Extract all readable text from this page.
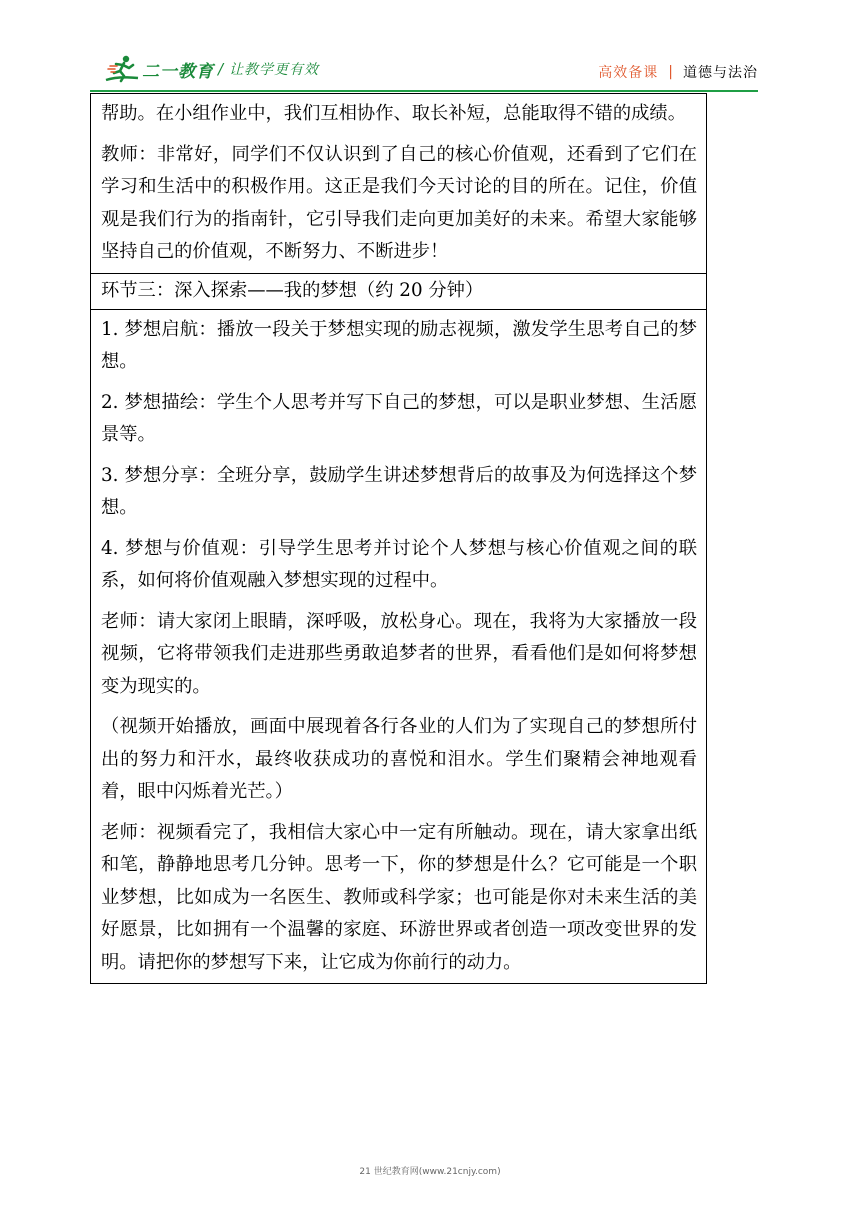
二一教育 / 让教学更有效	高效备课 | 道德与法治

帮助。在小组作业中，我们互相协作、取长补短，总能取得不错的成绩。

教师：非常好，同学们不仅认识到了自己的核心价值观，还看到了它们在学习和生活中的积极作用。这正是我们今天讨论的目的所在。记住，价值观是我们行为的指南针，它引导我们走向更加美好的未来。希望大家能够坚持自己的价值观，不断努力、不断进步！

环节三：深入探索——我的梦想（约 20 分钟）

1. 梦想启航：播放一段关于梦想实现的励志视频，激发学生思考自己的梦想。

2. 梦想描绘：学生个人思考并写下自己的梦想，可以是职业梦想、生活愿景等。

3. 梦想分享：全班分享，鼓励学生讲述梦想背后的故事及为何选择这个梦想。

4. 梦想与价值观：引导学生思考并讨论个人梦想与核心价值观之间的联系，如何将价值观融入梦想实现的过程中。

老师：请大家闭上眼睛，深呼吸，放松身心。现在，我将为大家播放一段视频，它将带领我们走进那些勇敢追梦者的世界，看看他们是如何将梦想变为现实的。

（视频开始播放，画面中展现着各行各业的人们为了实现自己的梦想所付出的努力和汗水，最终收获成功的喜悦和泪水。学生们聚精会神地观看着，眼中闪烁着光芒。）

老师：视频看完了，我相信大家心中一定有所触动。现在，请大家拿出纸和笔，静静地思考几分钟。思考一下，你的梦想是什么？它可能是一个职业梦想，比如成为一名医生、教师或科学家；也可能是你对未来生活的美好愿景，比如拥有一个温馨的家庭、环游世界或者创造一项改变世界的发明。请把你的梦想写下来，让它成为你前行的动力。

21 世纪教育网(www.21cnjy.com)
